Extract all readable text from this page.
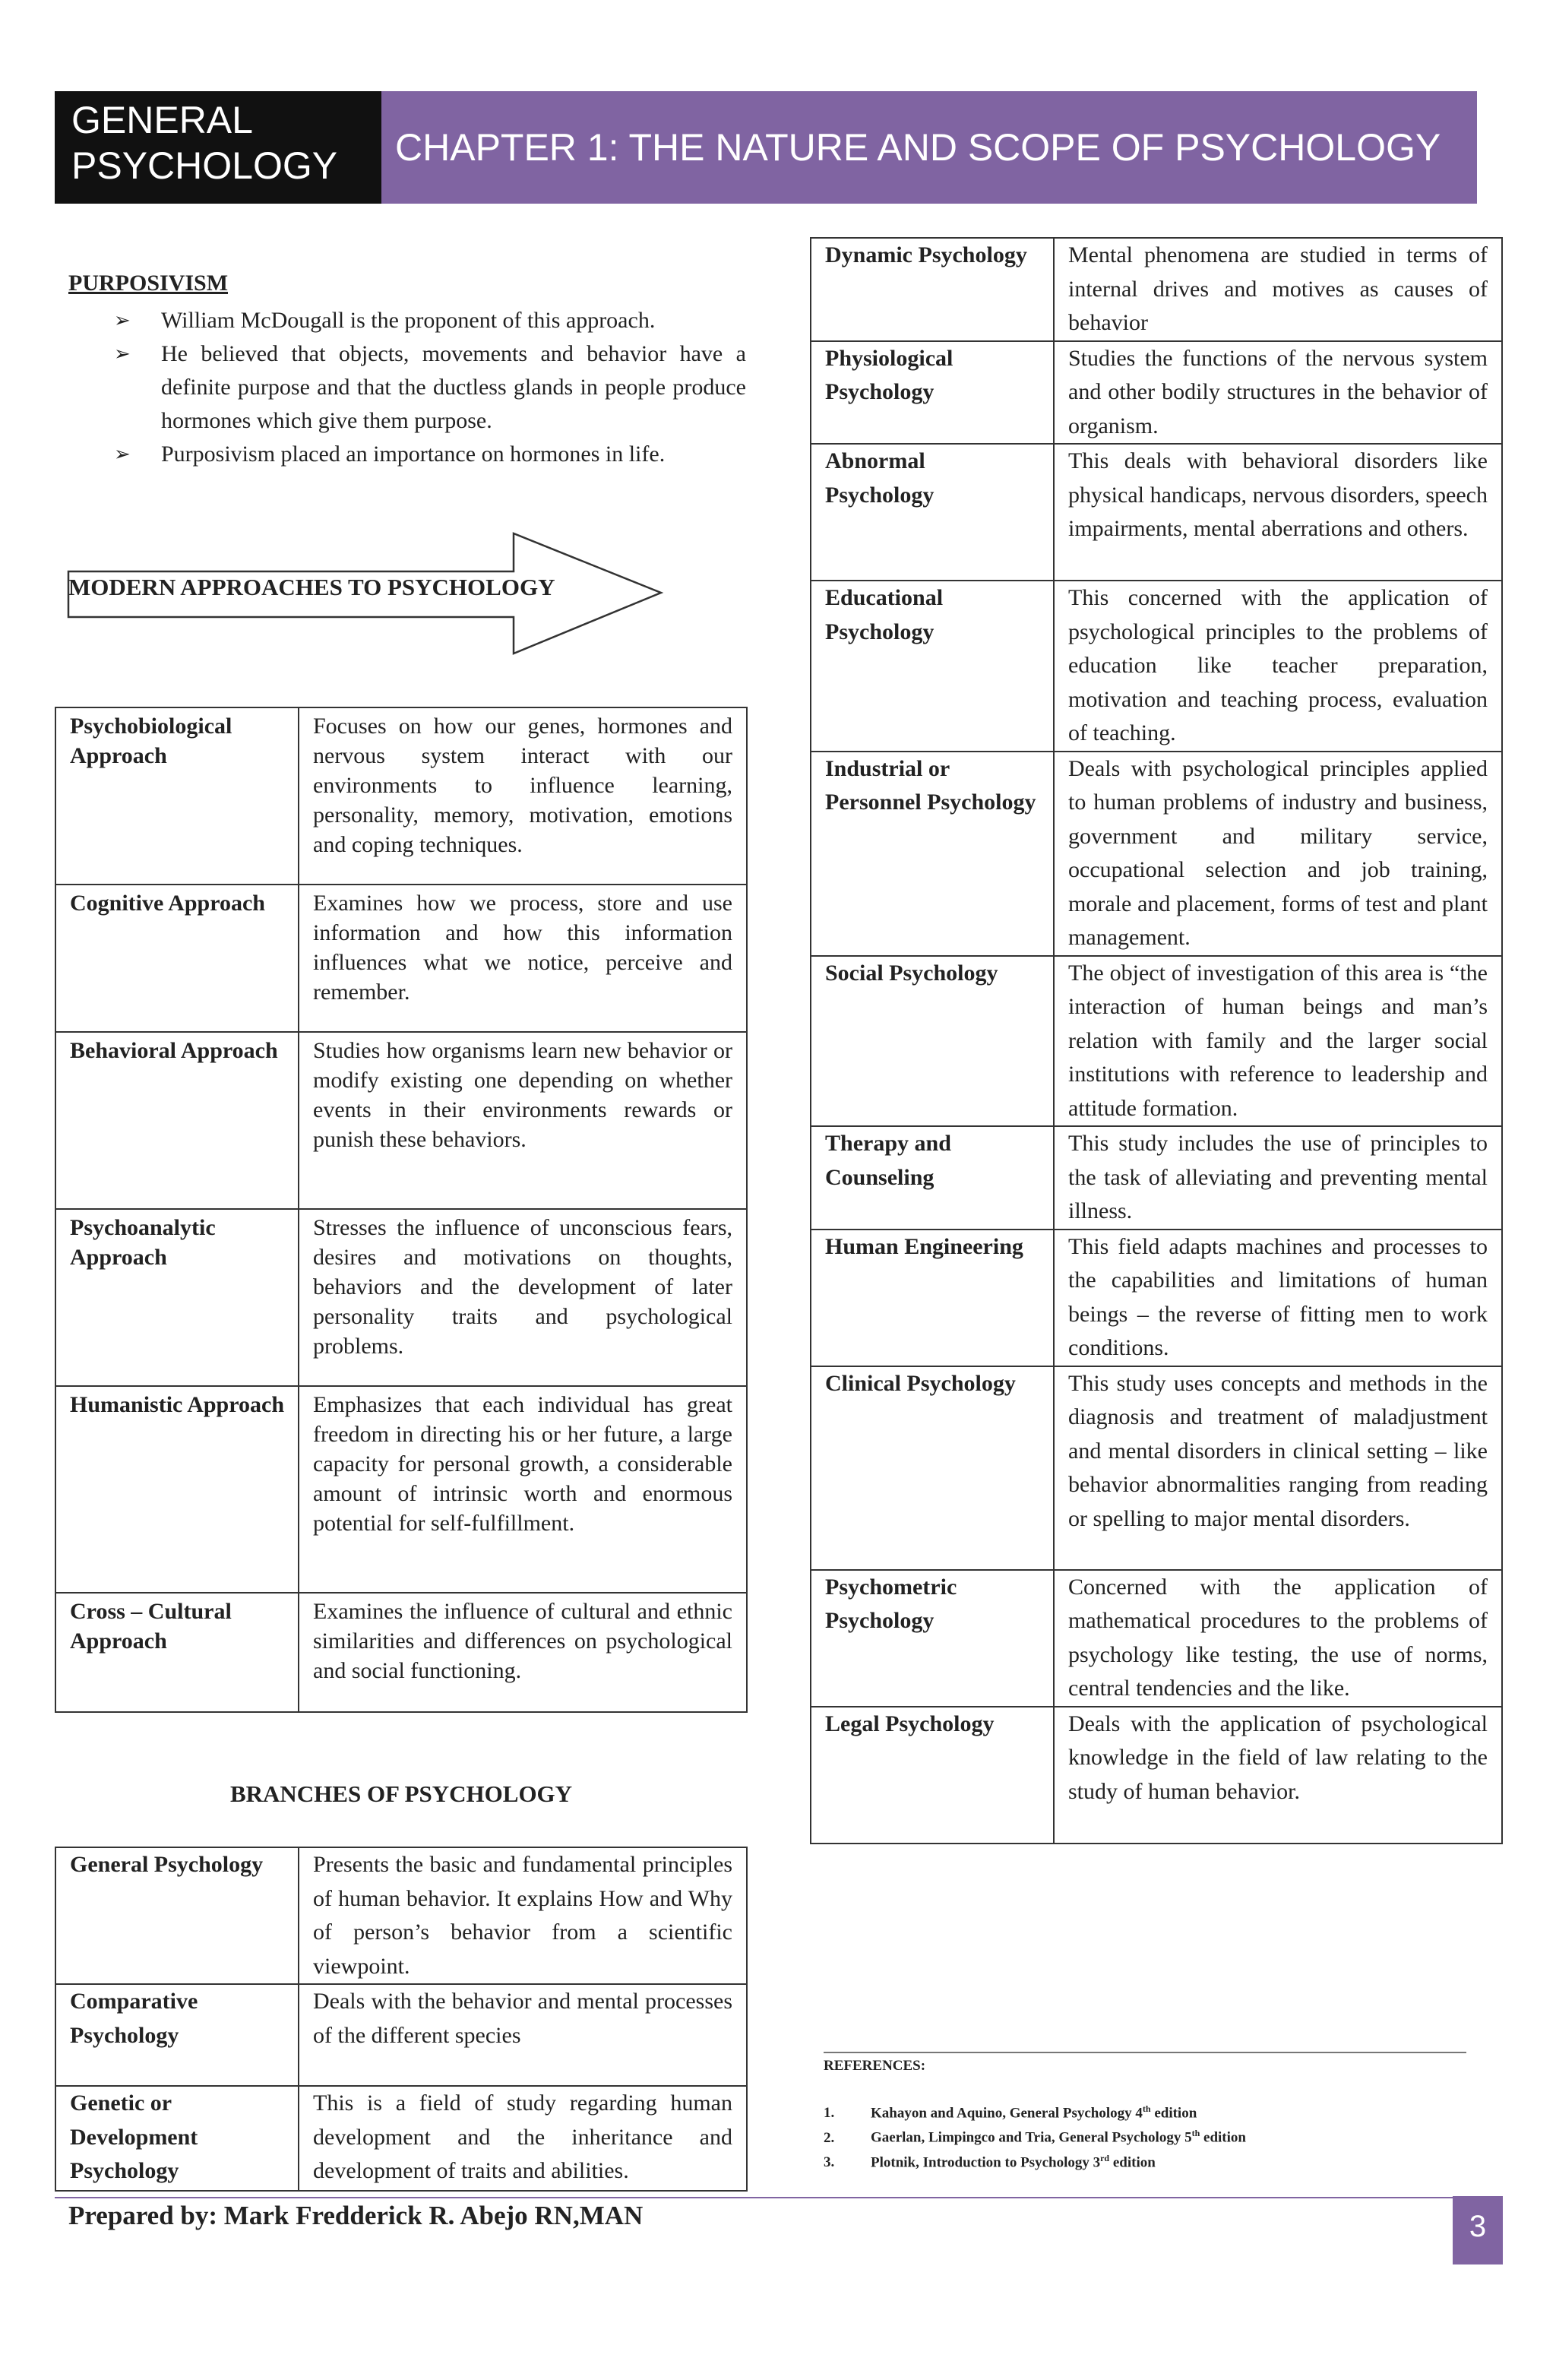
GENERAL
PSYCHOLOGY	CHAPTER 1: THE NATURE AND SCOPE OF PSYCHOLOGY
PURPOSIVISM
➢ William McDougall is the proponent of this approach.
➢ He believed that objects, movements and behavior have a definite purpose and that the ductless glands in people produce hormones which give them purpose.
➢ Purposivism placed an importance on hormones in life.
MODERN APPROACHES TO PSYCHOLOGY
Psychobiological Approach	Focuses on how our genes, hormones and nervous system interact with our environments to influence learning, personality, memory, motivation, emotions and coping techniques.
Cognitive Approach	Examines how we process, store and use information and how this information influences what we notice, perceive and remember.
Behavioral Approach	Studies how organisms learn new behavior or modify existing one depending on whether events in their environments rewards or punish these behaviors.
Psychoanalytic Approach	Stresses the influence of unconscious fears, desires and motivations on thoughts, behaviors and the development of later personality traits and psychological problems.
Humanistic Approach	Emphasizes that each individual has great freedom in directing his or her future, a large capacity for personal growth, a considerable amount of intrinsic worth and enormous potential for self-fulfillment.
Cross – Cultural Approach	Examines the influence of cultural and ethnic similarities and differences on psychological and social functioning.
BRANCHES OF PSYCHOLOGY
General Psychology	Presents the basic and fundamental principles of human behavior. It explains How and Why of person’s behavior from a scientific viewpoint.
Comparative Psychology	Deals with the behavior and mental processes of the different species
Genetic or Development Psychology	This is a field of study regarding human development and the inheritance and development of traits and abilities.
Dynamic Psychology	Mental phenomena are studied in terms of internal drives and motives as causes of behavior
Physiological Psychology	Studies the functions of the nervous system and other bodily structures in the behavior of organism.
Abnormal Psychology	This deals with behavioral disorders like physical handicaps, nervous disorders, speech impairments, mental aberrations and others.
Educational Psychology	This concerned with the application of psychological principles to the problems of education like teacher preparation, motivation and teaching process, evaluation of teaching.
Industrial or Personnel Psychology	Deals with psychological principles applied to human problems of industry and business, government and military service, occupational selection and job training, morale and placement, forms of test and plant management.
Social Psychology	The object of investigation of this area is “the interaction of human beings and man’s relation with family and the larger social institutions with reference to leadership and attitude formation.
Therapy and Counseling	This study includes the use of principles to the task of alleviating and preventing mental illness.
Human Engineering	This field adapts machines and processes to the capabilities and limitations of human beings – the reverse of fitting men to work conditions.
Clinical Psychology	This study uses concepts and methods in the diagnosis and treatment of maladjustment and mental disorders in clinical setting – like behavior abnormalities ranging from reading or spelling to major mental disorders.
Psychometric Psychology	Concerned with the application of mathematical procedures to the problems of psychology like testing, the use of norms, central tendencies and the like.
Legal Psychology	Deals with the application of psychological knowledge in the field of law relating to the study of human behavior.
REFERENCES:
1.	Kahayon and Aquino, General Psychology 4th edition
2.	Gaerlan, Limpingco and Tria, General Psychology 5th edition
3.	Plotnik, Introduction to Psychology 3rd edition
Prepared by: Mark Fredderick R. Abejo RN,MAN	3
